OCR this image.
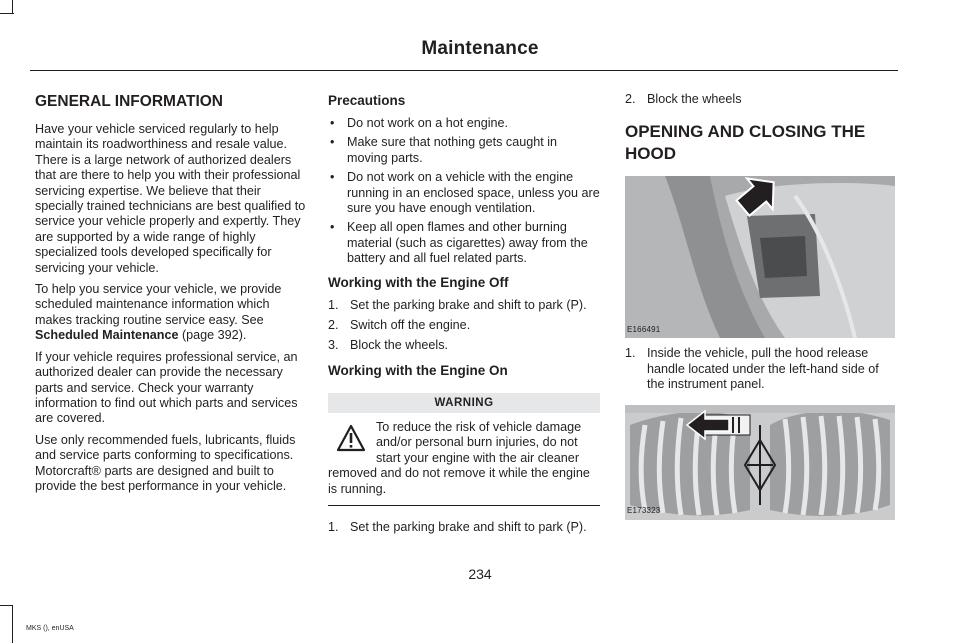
Maintenance
GENERAL INFORMATION

Have your vehicle serviced regularly to help maintain its roadworthiness and resale value. There is a large network of authorized dealers that are there to help you with their professional servicing expertise. We believe that their specially trained technicians are best qualified to service your vehicle properly and expertly. They are supported by a wide range of highly specialized tools developed specifically for servicing your vehicle.

To help you service your vehicle, we provide scheduled maintenance information which makes tracking routine service easy. See Scheduled Maintenance (page 392).

If your vehicle requires professional service, an authorized dealer can provide the necessary parts and service. Check your warranty information to find out which parts and services are covered.

Use only recommended fuels, lubricants, fluids and service parts conforming to specifications. Motorcraft® parts are designed and built to provide the best performance in your vehicle.

Precautions
• Do not work on a hot engine.
• Make sure that nothing gets caught in moving parts.
• Do not work on a vehicle with the engine running in an enclosed space, unless you are sure you have enough ventilation.
• Keep all open flames and other burning material (such as cigarettes) away from the battery and all fuel related parts.
Working with the Engine Off
1. Set the parking brake and shift to park (P).
2. Switch off the engine.
3. Block the wheels.
Working with the Engine On
WARNING
To reduce the risk of vehicle damage and/or personal burn injuries, do not start your engine with the air cleaner removed and do not remove it while the engine is running.
1. Set the parking brake and shift to park (P).
2. Block the wheels
OPENING AND CLOSING THE HOOD
E166491
1. Inside the vehicle, pull the hood release handle located under the left-hand side of the instrument panel.
E173323
234
MKS (), enUSA
